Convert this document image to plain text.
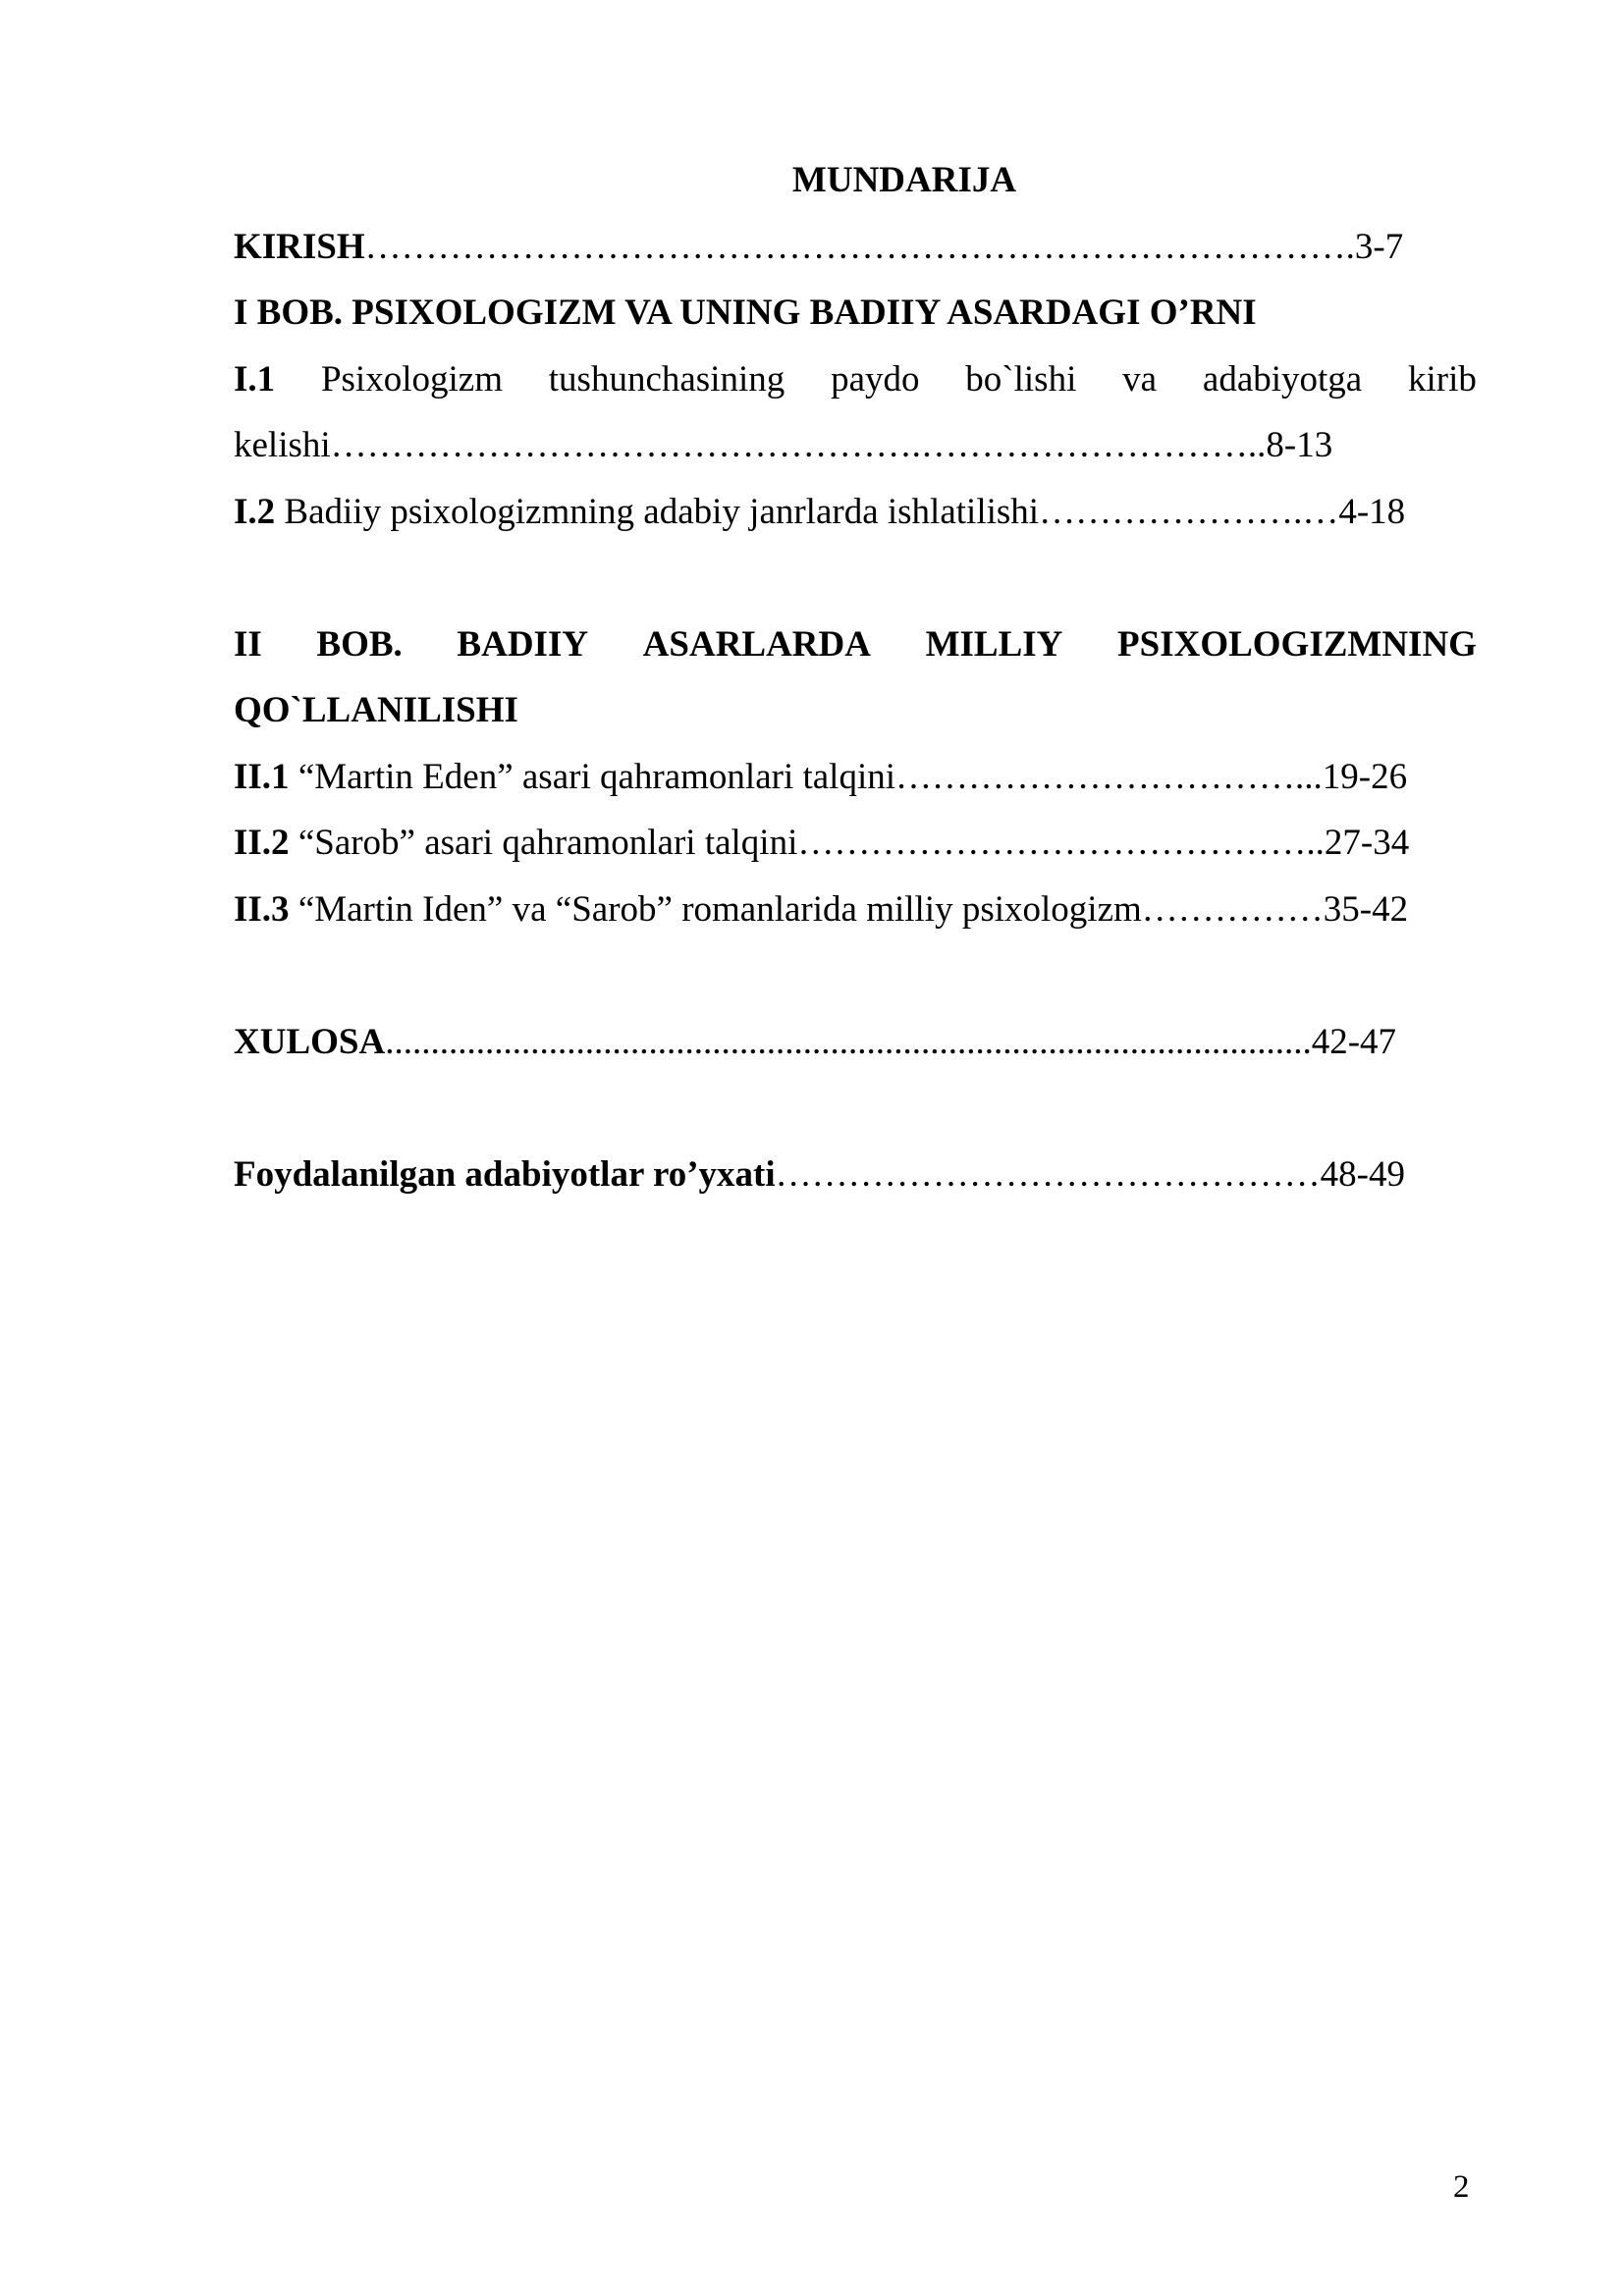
MUNDARIJA
KIRISH……………………………………………………………………….3-7
I BOB. PSIXOLOGIZM VA UNING BADIIY ASARDAGI O’RNI
I.1 Psixologizm tushunchasining paydo bo`lishi va adabiyotga kirib
kelishi………………………………………….………………………..8-13
I.2 Badiiy psixologizmning adabiy janrlarda ishlatilishi………………….…4-18
II BOB. BADIIY ASARLARDA MILLIY PSIXOLOGIZMNING
QO`LLANILISHI
II.1 “Martin Eden” asari qahramonlari talqini……………………………...19-26
II.2 “Sarob” asari qahramonlari talqini……………………………………..27-34
II.3 “Martin Iden” va “Sarob” romanlarida milliy psixologizm……………35-42
XULOSA......................................................................................................42-47
Foydalanilgan adabiyotlar ro’yxati………………………………………48-49
2
